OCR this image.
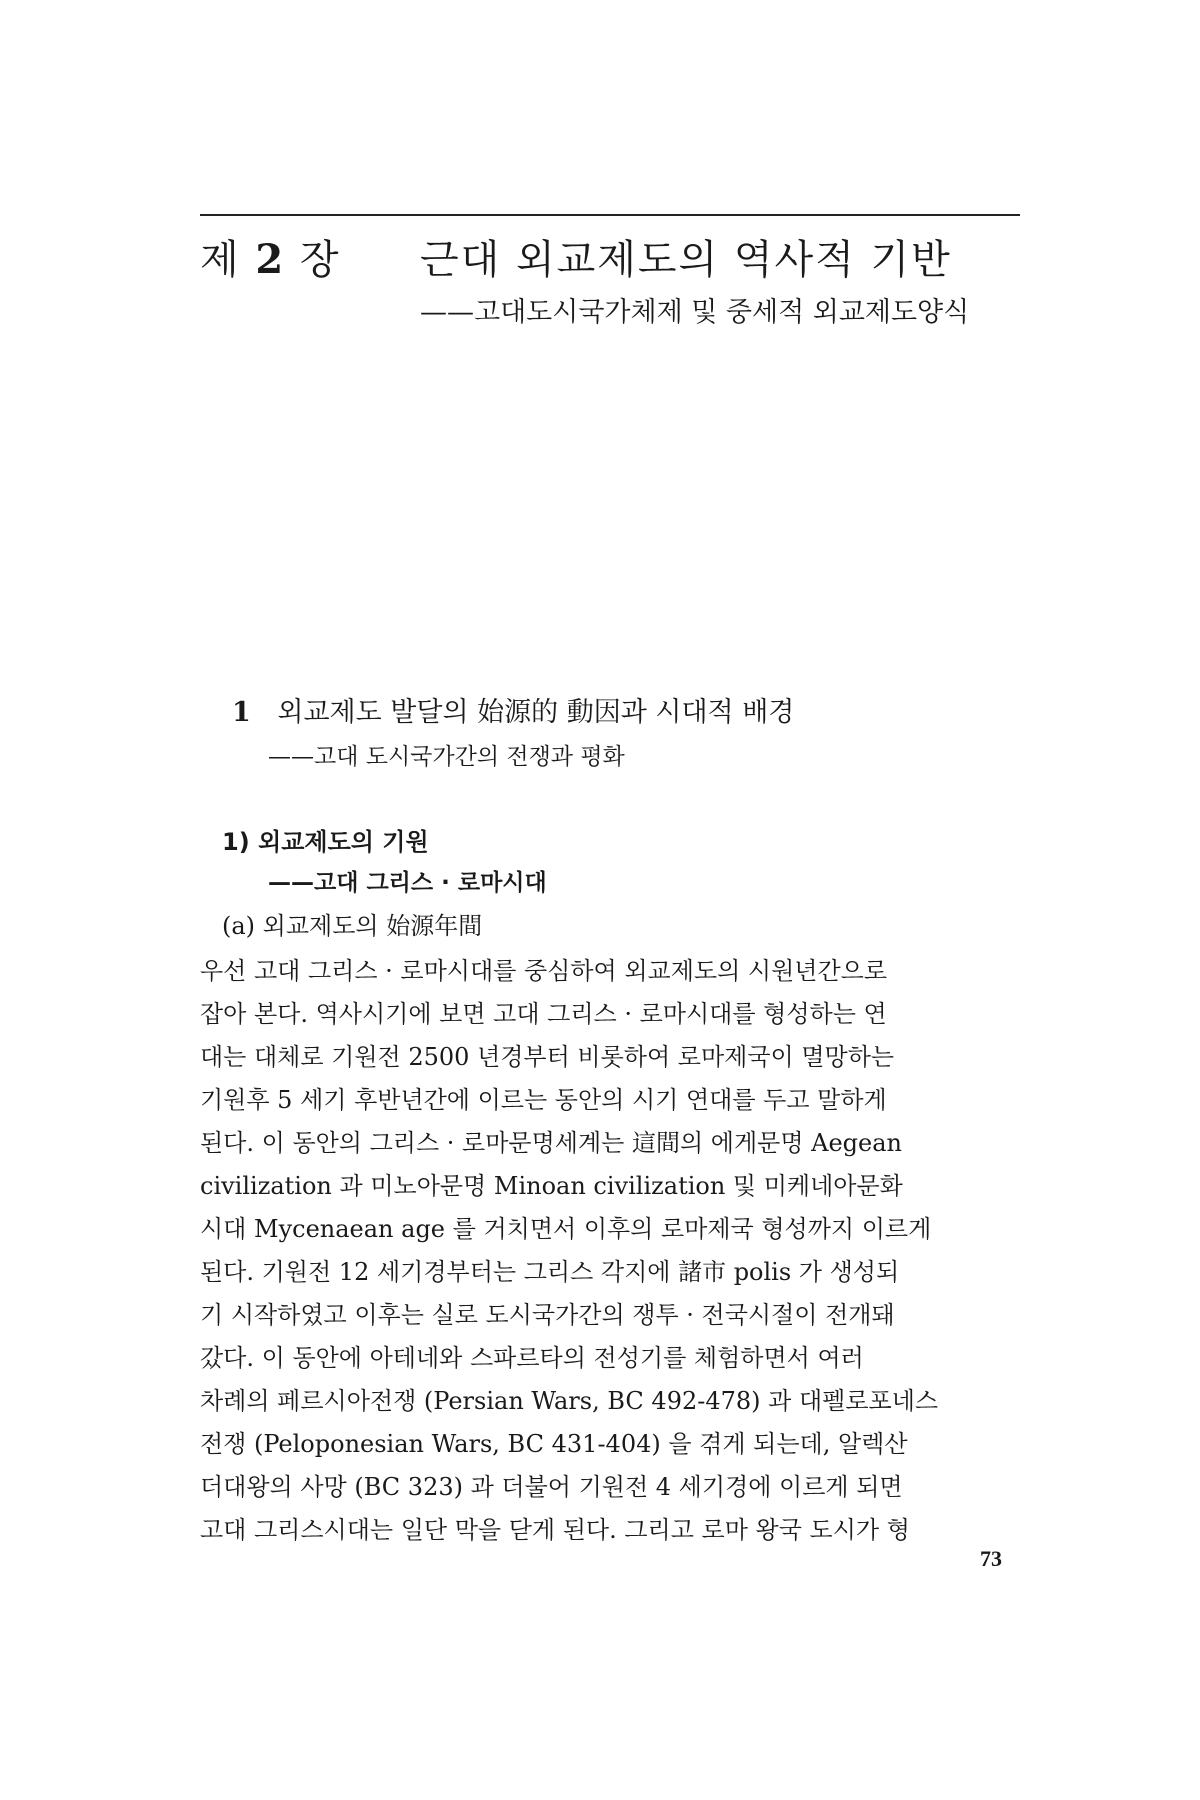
제 2 장 근대 외교제도의 역사적 기반
——고대도시국가체제 및 중세적 외교제도양식
1 외교제도 발달의 始源的 動因과 시대적 배경
——고대 도시국가간의 전쟁과 평화
1) 외교제도의 기원
——고대 그리스 · 로마시대
(a) 외교제도의 始源年間
우선 고대 그리스 · 로마시대를 중심하여 외교제도의 시원년간으로
잡아 본다. 역사시기에 보면 고대 그리스 · 로마시대를 형성하는 연
대는 대체로 기원전 2500 년경부터 비롯하여 로마제국이 멸망하는
기원후 5 세기 후반년간에 이르는 동안의 시기 연대를 두고 말하게
된다. 이 동안의 그리스 · 로마문명세계는 這間의 에게문명 Aegean
civilization 과 미노아문명 Minoan civilization 및 미케네아문화
시대 Mycenaean age 를 거치면서 이후의 로마제국 형성까지 이르게
된다. 기원전 12 세기경부터는 그리스 각지에 諸市 polis 가 생성되
기 시작하였고 이후는 실로 도시국가간의 쟁투 · 전국시절이 전개돼
갔다. 이 동안에 아테네와 스파르타의 전성기를 체험하면서 여러
차례의 페르시아전쟁 (Persian Wars, BC 492-478) 과 대펠로포네스
전쟁 (Peloponesian Wars, BC 431-404) 을 겪게 되는데, 알렉산
더대왕의 사망 (BC 323) 과 더불어 기원전 4 세기경에 이르게 되면
고대 그리스시대는 일단 막을 닫게 된다. 그리고 로마 왕국 도시가 형
73
